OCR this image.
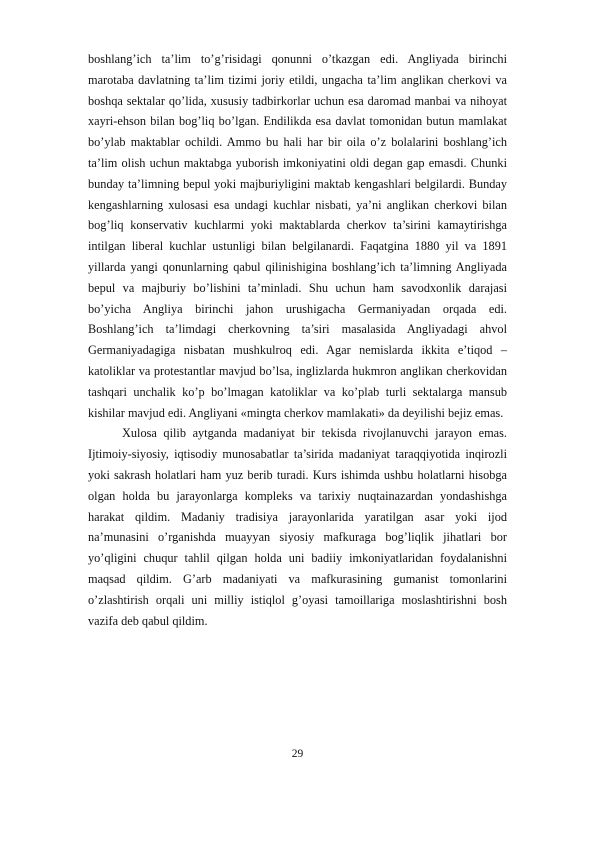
boshlang’ich ta’lim to’g’risidagi qonunni o’tkazgan edi. Angliyada birinchi marotaba davlatning ta’lim tizimi joriy etildi, ungacha ta’lim anglikan cherkovi va boshqa sektalar qo’lida, xususiy tadbirkorlar uchun esa daromad manbai va nihoyat xayri-ehson bilan bog’liq bo’lgan. Endilikda esa davlat tomonidan butun mamlakat bo’ylab maktablar ochildi. Ammo bu hali har bir oila o’z bolalarini boshlang’ich ta’lim olish uchun maktabga yuborish imkoniyatini oldi degan gap emasdi. Chunki bunday ta’limning bepul yoki majburiyligini maktab kengashlari belgilardi. Bunday kengashlarning xulosasi esa undagi kuchlar nisbati, ya’ni anglikan cherkovi bilan bog’liq konservativ kuchlarmi yoki maktablarda cherkov ta’sirini kamaytirishga intilgan liberal kuchlar ustunligi bilan belgilanardi. Faqatgina 1880 yil va 1891 yillarda yangi qonunlarning qabul qilinishigina boshlang’ich ta’limning Angliyada bepul va majburiy bo’lishini ta’minladi. Shu uchun ham savodxonlik darajasi bo’yicha Angliya birinchi jahon urushigacha Germaniyadan orqada edi. Boshlang’ich ta’limdagi cherkovning ta’siri masalasida Angliyadagi ahvol Germaniyadagiga nisbatan mushkulroq edi. Agar nemislarda ikkita e’tiqod – katoliklar va protestantlar mavjud bo’lsa, inglizlarda hukmron anglikan cherkovidan tashqari unchalik ko’p bo’lmagan katoliklar va ko’plab turli sektalarga mansub kishilar mavjud edi. Angliyani «mingta cherkov mamlakati» da deyilishi bejiz emas.

Xulosa qilib aytganda madaniyat bir tekisda rivojlanuvchi jarayon emas. Ijtimoiy-siyosiy, iqtisodiy munosabatlar ta’sirida madaniyat taraqqiyotida inqirozli yoki sakrash holatlari ham yuz berib turadi. Kurs ishimda ushbu holatlarni hisobga olgan holda bu jarayonlarga kompleks va tarixiy nuqtainazardan yondashishga harakat qildim. Madaniy tradisiya jarayonlarida yaratilgan asar yoki ijod na’munasini o’rganishda muayyan siyosiy mafkuraga bog’liqlik jihatlari bor yo’qligini chuqur tahlil qilgan holda uni badiiy imkoniyatlaridan foydalanishni maqsad qildim. G’arb madaniyati va mafkurasining gumanist tomonlarini o’zlashtirish orqali uni milliy istiqlol g’oyasi tamoillariga moslashtirishni bosh vazifa deb qabul qildim.

29
